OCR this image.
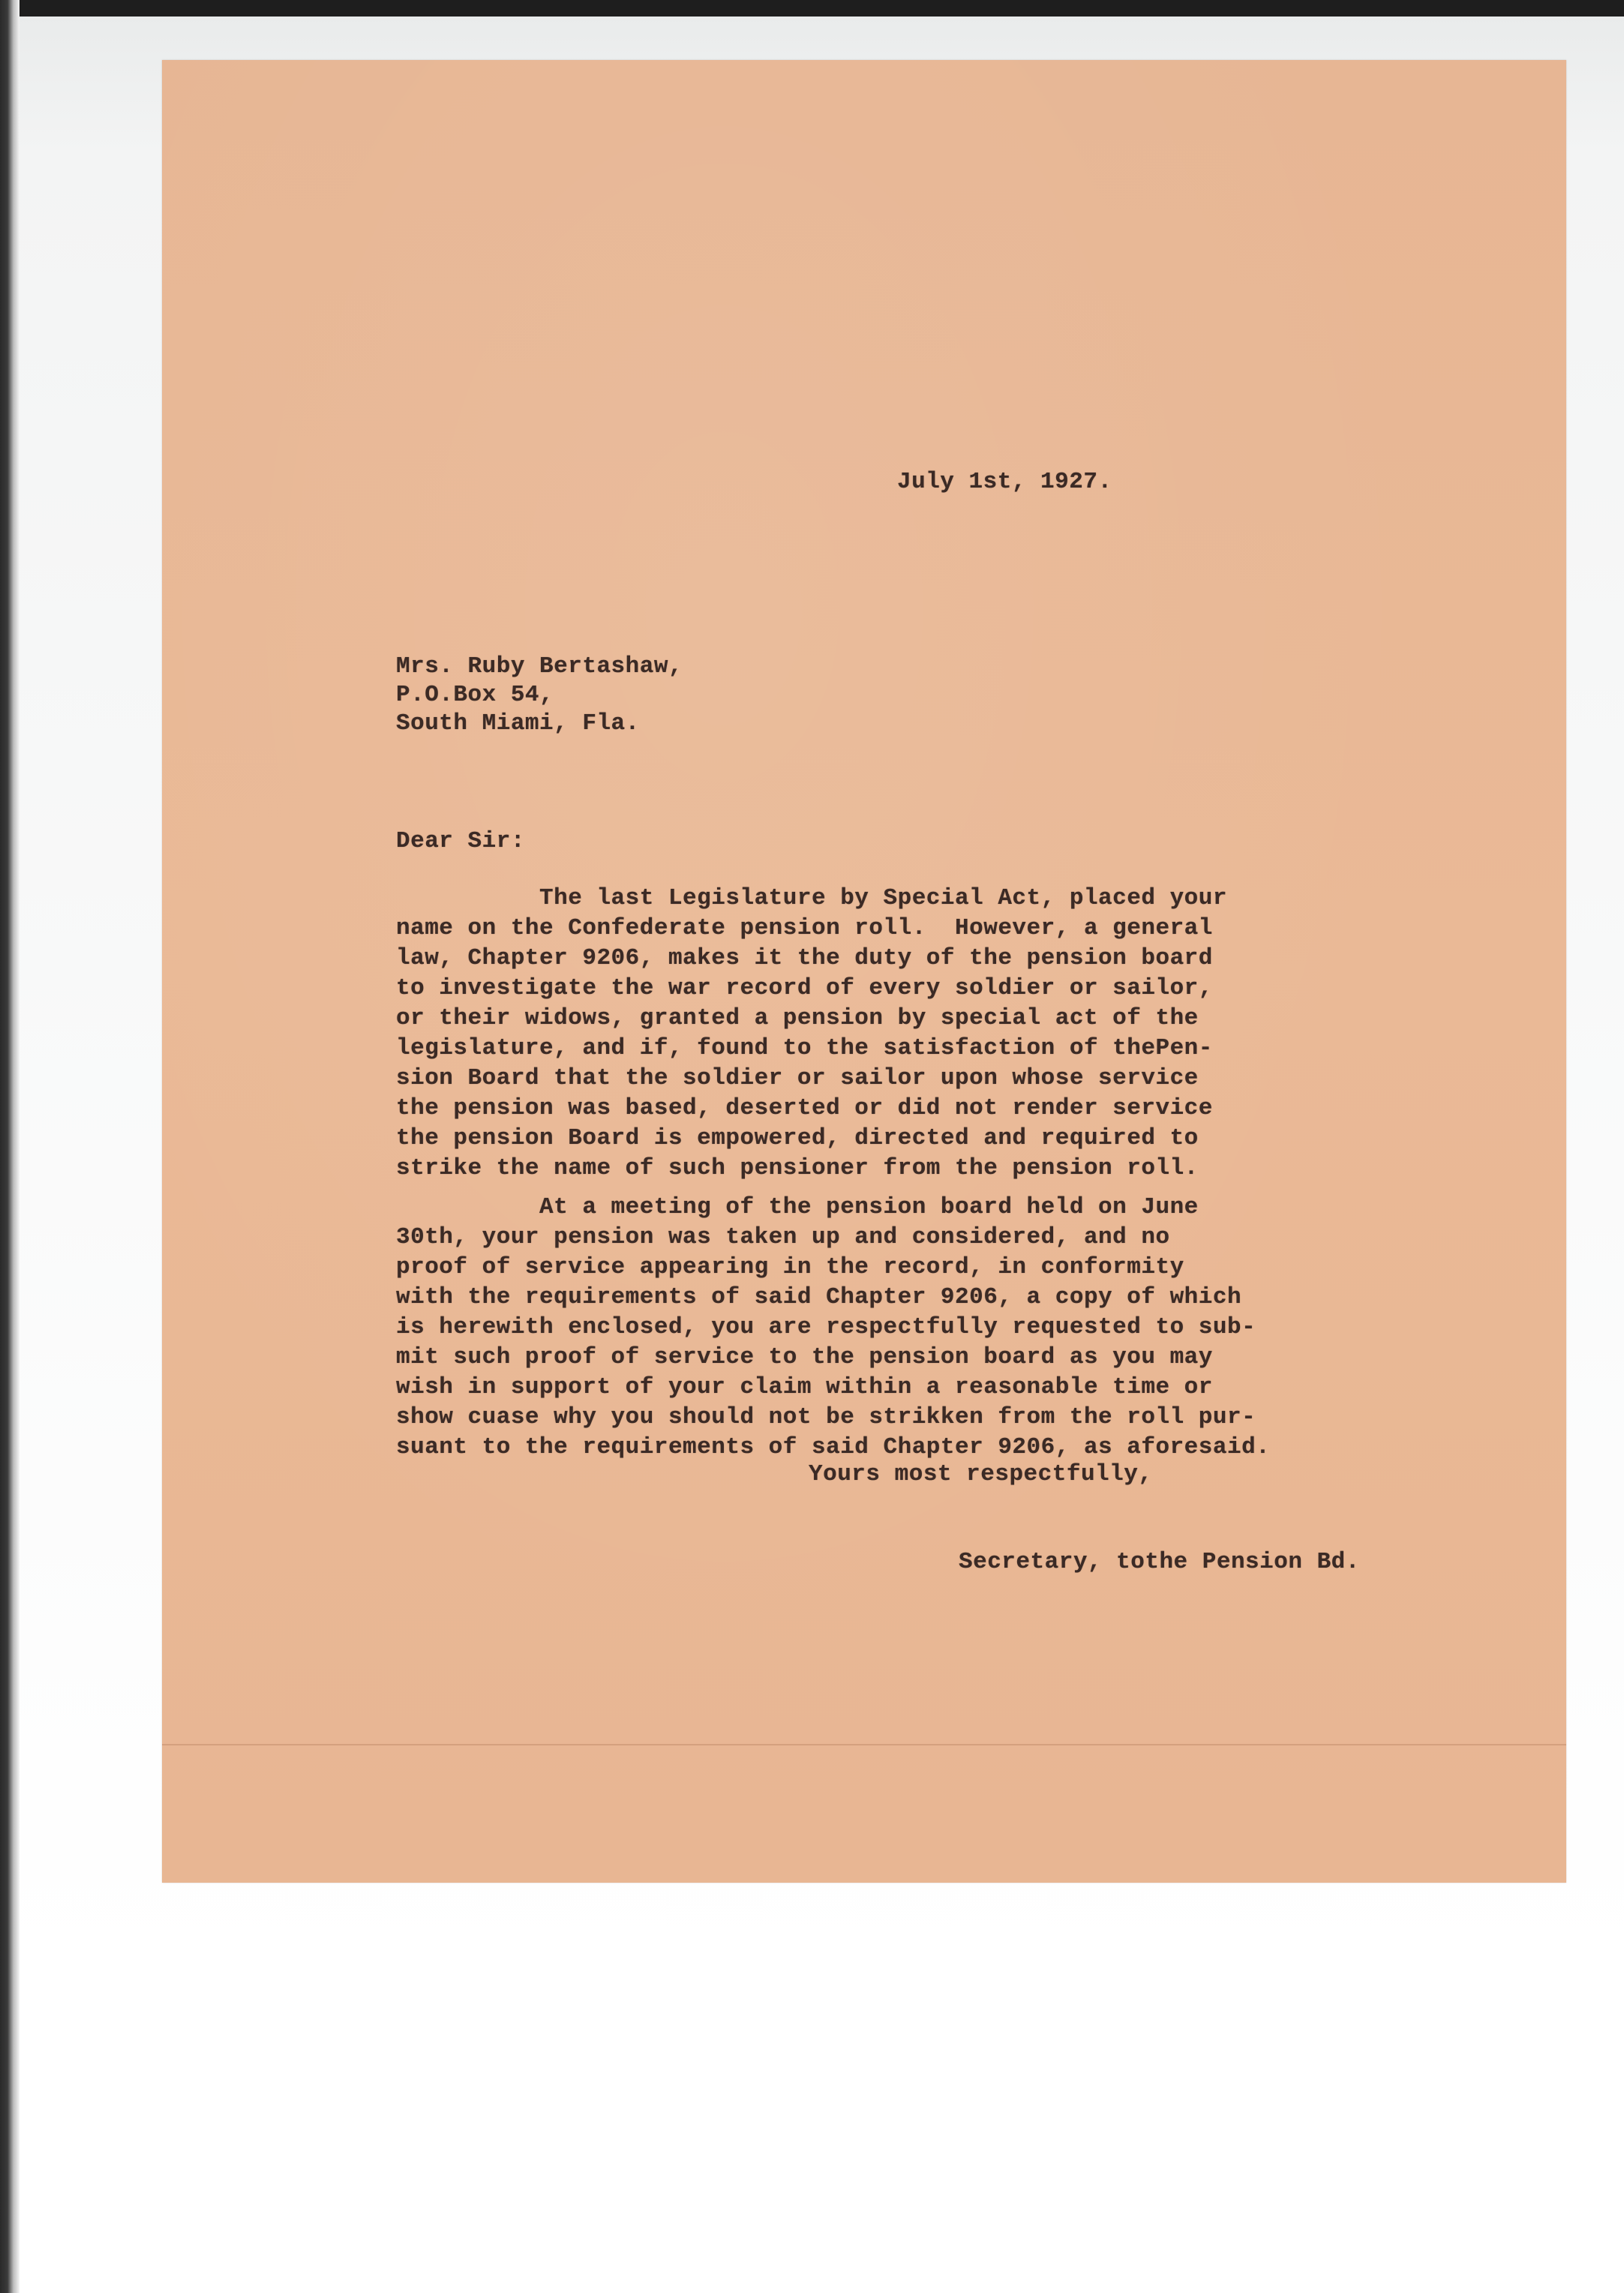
July 1st, 1927.
Mrs. Ruby Bertashaw,
P.O.Box 54,
South Miami, Fla.
Dear Sir:
The last Legislature by Special Act, placed your
name on the Confederate pension roll.  However, a general
law, Chapter 9206, makes it the duty of the pension board
to investigate the war record of every soldier or sailor,
or their widows, granted a pension by special act of the
legislature, and if, found to the satisfaction of thePen-
sion Board that the soldier or sailor upon whose service
the pension was based, deserted or did not render service
the pension Board is empowered, directed and required to
strike the name of such pensioner from the pension roll.
At a meeting of the pension board held on June
30th, your pension was taken up and considered, and no
proof of service appearing in the record, in conformity
with the requirements of said Chapter 9206, a copy of which
is herewith enclosed, you are respectfully requested to sub-
mit such proof of service to the pension board as you may
wish in support of your claim within a reasonable time or
show cuase why you should not be strikken from the roll pur-
suant to the requirements of said Chapter 9206, as aforesaid.
Yours most respectfully,
Secretary, tothe Pension Bd.
